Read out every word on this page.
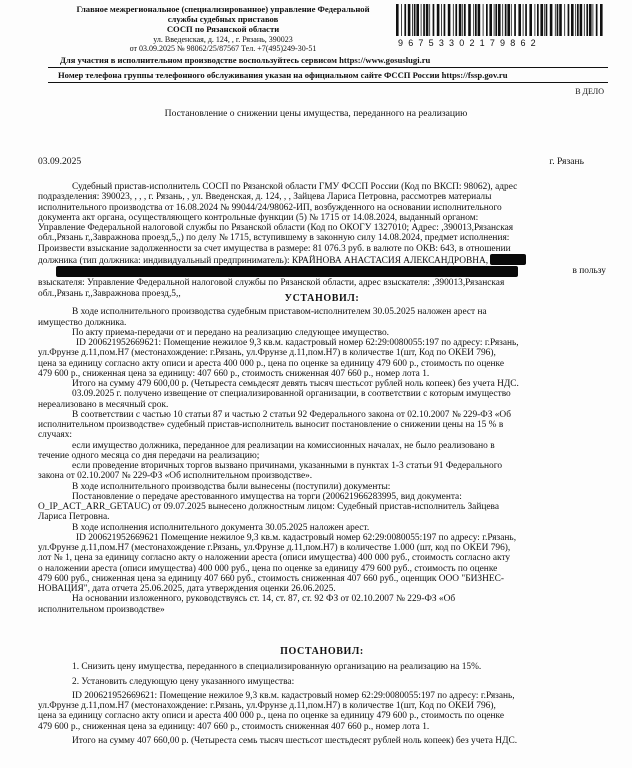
Главное межрегиональное (специализированное) управление Федеральной
службы судебных приставов
СОСП по Рязанской области
ул. Введенская, д. 124, , г. Рязань, 390023
от 03.09.2025 № 98062/25/87567 Тел. +7(495)249-30-51
96753302179862
Для участия в исполнительном производстве воспользуйтесь сервисом https://www.gosuslugi.ru
Номер телефона группы телефонного обслуживания указан на официальном сайте ФССП России https://fssp.gov.ru
В ДЕЛО
Постановление о снижении цены имущества, переданного на реализацию
03.09.2025	г. Рязань

Судебный пристав-исполнитель СОСП по Рязанской области ГМУ ФССП России (Код по ВКСП: 98062), адрес

подразделения: 390023, , , , г. Рязань, , ул. Введенская, д. 124, , , Зайцева Лариса Петровна, рассмотрев материалы

исполнительного производства от 16.08.2024 № 99044/24/98062-ИП, возбужденного на основании исполнительного

документа акт органа, осуществляющего контрольные функции (5) № 1715 от 14.08.2024, выданный органом:

Управление Федеральной налоговой службы по Рязанской области (Код по ОКОГУ 1327010; Адрес: ,390013,Рязанская

обл.,Рязань г,,Завражнова проезд,5,,) по делу № 1715, вступившему в законную силу 14.08.2024, предмет исполнения:

Произвести взыскание задолженности за счет имущества в размере: 81 076.3 руб. в валюте по ОКВ: 643, в отношении

должника (тип должника: индивидуальный предприниматель): КРАЙНОВА АНАСТАСИЯ АЛЕКСАНДРОВНА,

в пользу

взыскателя: Управление Федеральной налоговой службы по Рязанской области, адрес взыскателя: ,390013,Рязанская

обл.,Рязань г,,Завражнова проезд,5,,	УСТАНОВИЛ:

В ходе исполнительного производства судебным приставом-исполнителем 30.05.2025 наложен арест на

имущество должника.

По акту приема-передачи от и передано на реализацию следующее имущество.

ID 200621952669621: Помещение нежилое 9,3 кв.м. кадастровый номер 62:29:0080055:197 по адресу: г.Рязань,

ул.Фрунзе д.11,пом.Н7 (местонахождение: г.Рязань, ул.Фрунзе д.11,пом.Н7) в количестве 1(шт, Код по ОКЕИ 796),

цена за единицу согласно акту описи и ареста 400 000 р., цена по оценке за единицу 479 600 р., стоимость по оценке

479 600 р., сниженная цена за единицу: 407 660 р., стоимость сниженная 407 660 р., номер лота 1.

Итого на сумму 479 600,00 р. (Четыреста семьдесят девять тысяч шестьсот рублей ноль копеек) без учета НДС.

03.09.2025 г. получено извещение от специализированной организации, в соответствии с которым имущество

нереализовано в месячный срок.

В соответствии с частью 10 статьи 87 и частью 2 статьи 92 Федерального закона от 02.10.2007 № 229-ФЗ «Об

исполнительном производстве» судебный пристав-исполнитель выносит постановление о снижении цены на 15 % в

случаях:

если имущество должника, переданное для реализации на комиссионных началах, не было реализовано в

течение одного месяца со дня передачи на реализацию;

если проведение вторичных торгов вызвано причинами, указанными в пунктах 1-3 статьи 91 Федерального

закона от 02.10.2007 № 229-ФЗ «Об исполнительном производстве».

В ходе исполнительного производства были вынесены (поступили) документы:

Постановление о передаче арестованного имущества на торги (200621966283995, вид документа:

O_IP_ACT_ARR_GETAUC) от 09.07.2025 вынесено должностным лицом: Судебный пристав-исполнитель Зайцева

Лариса Петровна.

В ходе исполнения исполнительного документа 30.05.2025 наложен арест.

ID 200621952669621 Помещение нежилое 9,3 кв.м. кадастровый номер 62:29:0080055:197 по адресу: г.Рязань,

ул.Фрунзе д.11,пом.Н7 (местонахождение г.Рязань, ул.Фрунзе д.11,пом.Н7) в количестве 1.000 (шт, код по ОКЕИ 796),

лот № 1, цена за единицу согласно акту о наложении ареста (описи имущества) 400 000 руб., стоимость согласно акту

о наложении ареста (описи имущества) 400 000 руб., цена по оценке за единицу 479 600 руб., стоимость по оценке

479 600 руб., сниженная цена за единицу 407 660 руб., стоимость сниженная 407 660 руб., оценщик ООО "БИЗНЕС-

НОВАЦИЯ", дата отчета 25.06.2025, дата утверждения оценки 26.06.2025.

На основании изложенного, руководствуясь ст. 14, ст. 87, ст. 92 ФЗ от 02.10.2007 № 229-ФЗ «Об

исполнительном производстве»

ПОСТАНОВИЛ:

1. Снизить цену имущества, переданного в специализированную организацию на реализацию на 15%.

2. Установить следующую цену указанного имущества:

ID 200621952669621: Помещение нежилое 9,3 кв.м. кадастровый номер 62:29:0080055:197 по адресу: г.Рязань,

ул.Фрунзе д.11,пом.Н7 (местонахождение: г.Рязань, ул.Фрунзе д.11,пом.Н7) в количестве 1(шт, Код по ОКЕИ 796),

цена за единицу согласно акту описи и ареста 400 000 р., цена по оценке за единицу 479 600 р., стоимость по оценке

479 600 р., сниженная цена за единицу: 407 660 р., стоимость сниженная 407 660 р., номер лота 1.

Итого на сумму 407 660,00 р. (Четыреста семь тысяч шестьсот шестьдесят рублей ноль копеек) без учета НДС.
